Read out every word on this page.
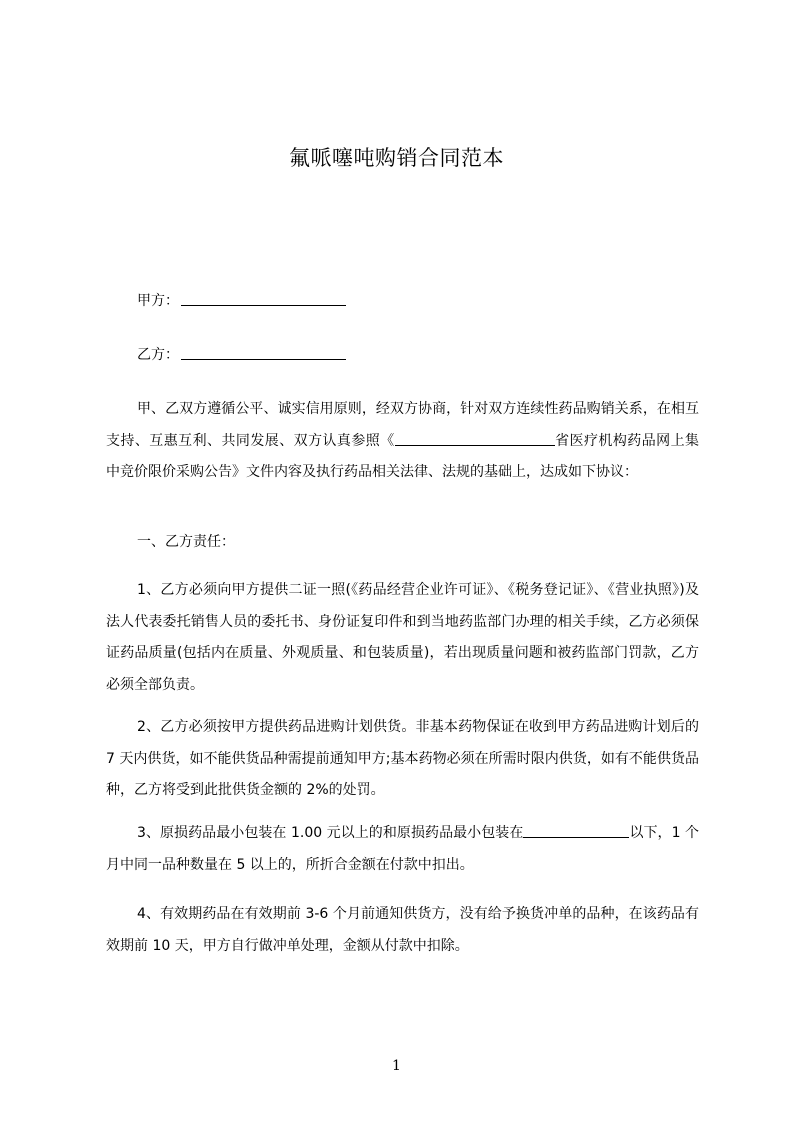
氟哌噻吨购销合同范本
甲方：
乙方：
甲、乙双方遵循公平、诚实信用原则，经双方协商，针对双方连续性药品购销关系，在相互支持、互惠互利、共同发展、双方认真参照《	省医疗机构药品网上集中竞价限价采购公告》文件内容及执行药品相关法律、法规的基础上，达成如下协议：
一、乙方责任：
1、乙方必须向甲方提供二证一照(《药品经营企业许可证》、《税务登记证》、《营业执照》)及法人代表委托销售人员的委托书、身份证复印件和到当地药监部门办理的相关手续，乙方必须保证药品质量(包括内在质量、外观质量、和包装质量)，若出现质量问题和被药监部门罚款，乙方必须全部负责。
2、乙方必须按甲方提供药品进购计划供货。非基本药物保证在收到甲方药品进购计划后的 7 天内供货，如不能供货品种需提前通知甲方;基本药物必须在所需时限内供货，如有不能供货品种，乙方将受到此批供货金额的 2%的处罚。
3、原损药品最小包装在 1.00 元以上的和原损药品最小包装在	以下，1 个月中同一品种数量在 5 以上的，所折合金额在付款中扣出。
4、有效期药品在有效期前 3-6 个月前通知供货方，没有给予换货冲单的品种，在该药品有效期前 10 天，甲方自行做冲单处理，金额从付款中扣除。
1
